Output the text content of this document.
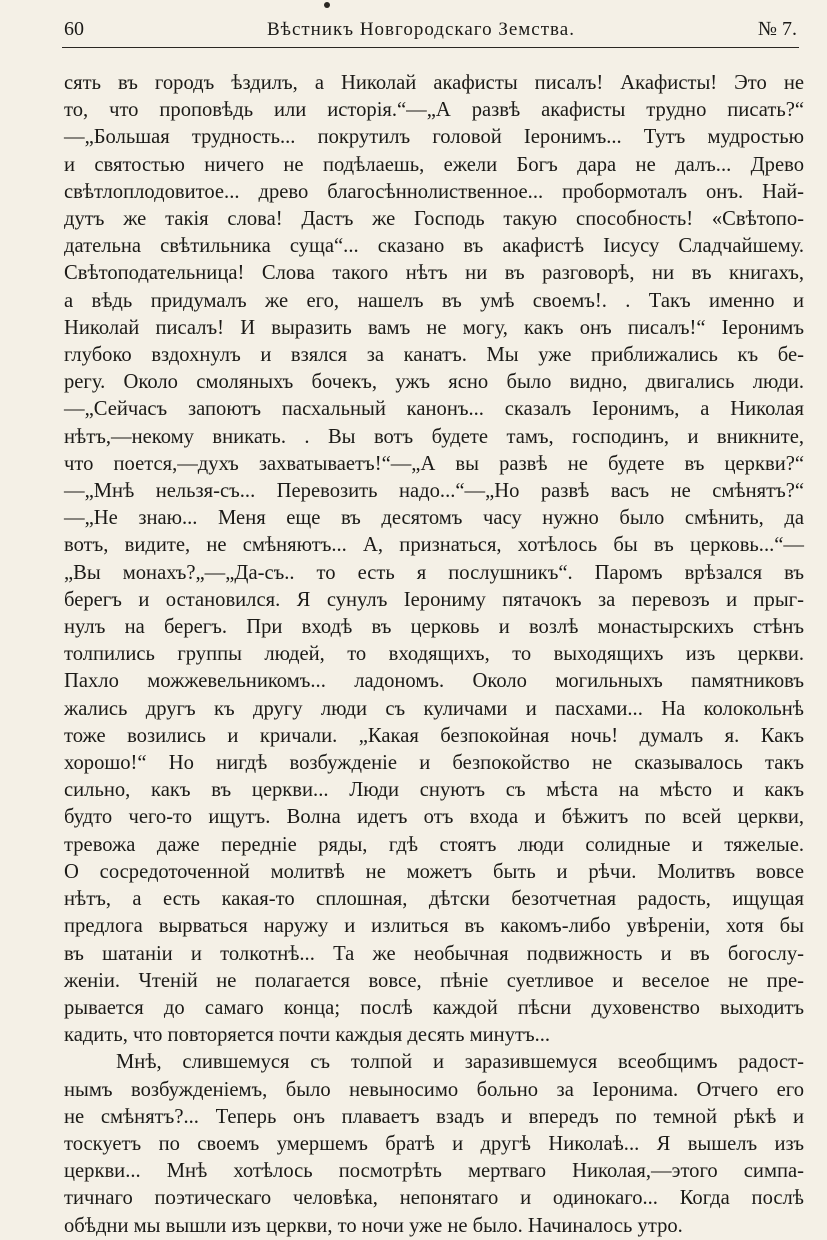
60	Вѣстникъ Новгородскаго Земства.	№ 7.
сять въ городъ ѣздилъ, а Николай акафисты писалъ! Акафисты! Это не
то, что проповѣдь или исторія.“—„А развѣ акафисты трудно писать?“
—„Большая трудность... покрутилъ головой Іеронимъ... Тутъ мудростью
и святостью ничего не подѣлаешь, ежели Богъ дара не далъ... Древо
свѣтлоплодовитое... древо благосѣннолиственное... пробормоталъ онъ. Най-
дутъ же такія слова! Дастъ же Господь такую способность! «Свѣтопо-
дательна свѣтильника суща“... сказано въ акафистѣ Іисусу Сладчайшему.
Свѣтоподательница! Слова такого нѣтъ ни въ разговорѣ, ни въ книгахъ,
а вѣдь придумалъ же его, нашелъ въ умѣ своемъ!. . Такъ именно и
Николай писалъ! И выразить вамъ не могу, какъ онъ писалъ!“ Іеронимъ
глубоко вздохнулъ и взялся за канатъ. Мы уже приближались къ бе-
регу. Около смоляныхъ бочекъ, ужъ ясно было видно, двигались люди.
—„Сейчасъ запоютъ пасхальный канонъ... сказалъ Іеронимъ, а Николая
нѣтъ,—некому вникать. . Вы вотъ будете тамъ, господинъ, и вникните,
что поется,—духъ захватываетъ!“—„А вы развѣ не будете въ церкви?“
—„Мнѣ нельзя-съ... Перевозить надо...“—„Но развѣ васъ не смѣнятъ?“
—„Не знаю... Меня еще въ десятомъ часу нужно было смѣнить, да
вотъ, видите, не смѣняютъ... А, признаться, хотѣлось бы въ церковь...“—
„Вы монахъ?„—„Да-съ.. то есть я послушникъ“. Паромъ врѣзался въ
берегъ и остановился. Я сунулъ Іерониму пятачокъ за перевозъ и прыг-
нулъ на берегъ. При входѣ въ церковь и возлѣ монастырскихъ стѣнъ
толпились группы людей, то входящихъ, то выходящихъ изъ церкви.
Пахло можжевельникомъ... ладономъ. Около могильныхъ памятниковъ
жались другъ къ другу люди съ куличами и пасхами... На колокольнѣ
тоже возились и кричали. „Какая безпокойная ночь! думалъ я. Какъ
хорошо!“ Но нигдѣ возбужденіе и безпокойство не сказывалось такъ
сильно, какъ въ церкви... Люди снуютъ съ мѣста на мѣсто и какъ
будто чего-то ищутъ. Волна идетъ отъ входа и бѣжитъ по всей церкви,
тревожа даже передніе ряды, гдѣ стоятъ люди солидные и тяжелые.
О сосредоточенной молитвѣ не можетъ быть и рѣчи. Молитвъ вовсе
нѣтъ, а есть какая-то сплошная, дѣтски безотчетная радость, ищущая
предлога вырваться наружу и излиться въ какомъ-либо увѣреніи, хотя бы
въ шатаніи и толкотнѣ... Та же необычная подвижность и въ богослу-
женіи. Чтеній не полагается вовсе, пѣніе суетливое и веселое не пре-
рывается до самаго конца; послѣ каждой пѣсни духовенство выходитъ
кадить, что повторяется почти каждыя десять минутъ...
Мнѣ, слившемуся съ толпой и заразившемуся всеобщимъ радост-
нымъ возбужденіемъ, было невыносимо больно за Іеронима. Отчего его
не смѣнятъ?... Теперь онъ плаваетъ взадъ и впередъ по темной рѣкѣ и
тоскуетъ по своемъ умершемъ братѣ и другѣ Николаѣ... Я вышелъ изъ
церкви... Мнѣ хотѣлось посмотрѣть мертваго Николая,—этого симпа-
тичнаго поэтическаго человѣка, непонятаго и одинокаго... Когда послѣ
обѣдни мы вышли изъ церкви, то ночи уже не было. Начиналось утро.
